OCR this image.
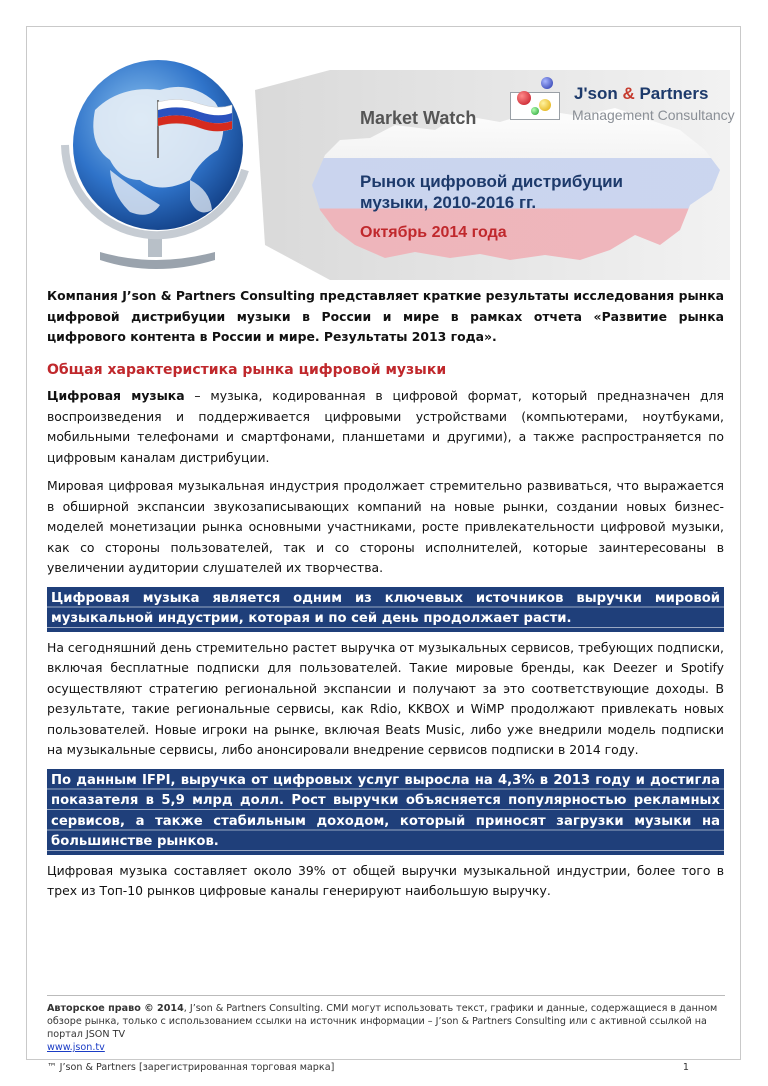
J'son & Partners
Management Consultancy
Market Watch
Рынок цифровой дистрибуции музыки, 2010-2016 гг.
Октябрь 2014 года

Компания J’son & Partners Consulting представляет краткие результаты исследования рынка цифровой дистрибуции музыки в России и мире в рамках отчета «Развитие рынка цифрового контента в России и мире. Результаты 2013 года».

Общая характеристика рынка цифровой музыки

Цифровая музыка – музыка, кодированная в цифровой формат, который предназначен для воспроизведения и поддерживается цифровыми устройствами (компьютерами, ноутбуками, мобильными телефонами и смартфонами, планшетами и другими), а также распространяется по цифровым каналам дистрибуции.

Мировая цифровая музыкальная индустрия продолжает стремительно развиваться, что выражается в обширной экспансии звукозаписывающих компаний на новые рынки, создании новых бизнес-моделей монетизации рынка основными участниками, росте привлекательности цифровой музыки, как со стороны пользователей, так и со стороны исполнителей, которые заинтересованы в увеличении аудитории слушателей их творчества.

Цифровая музыка является одним из ключевых источников выручки мировой музыкальной индустрии, которая и по сей день продолжает расти.

На сегодняшний день стремительно растет выручка от музыкальных сервисов, требующих подписки, включая бесплатные подписки для пользователей. Такие мировые бренды, как Deezer и Spotify осуществляют стратегию региональной экспансии и получают за это соответствующие доходы. В результате, такие региональные сервисы, как Rdio, KKBOX и WiMP продолжают привлекать новых пользователей. Новые игроки на рынке, включая Beats Music, либо уже внедрили модель подписки на музыкальные сервисы, либо анонсировали внедрение сервисов подписки в 2014 году.

По данным IFPI, выручка от цифровых услуг выросла на 4,3% в 2013 году и достигла показателя в 5,9 млрд долл. Рост выручки объясняется популярностью рекламных сервисов, а также стабильным доходом, который приносят загрузки музыки на большинстве рынков.

Цифровая музыка составляет около 39% от общей выручки музыкальной индустрии, более того в трех из Топ-10 рынков цифровые каналы генерируют наибольшую выручку.

Авторское право © 2014, J’son & Partners Consulting. СМИ могут использовать текст, графики и данные, содержащиеся в данном обзоре рынка, только с использованием ссылки на источник информации – J’son & Partners Consulting или с активной ссылкой на портал JSON TV
www.json.tv
™ J’son & Partners [зарегистрированная торговая марка]	1
